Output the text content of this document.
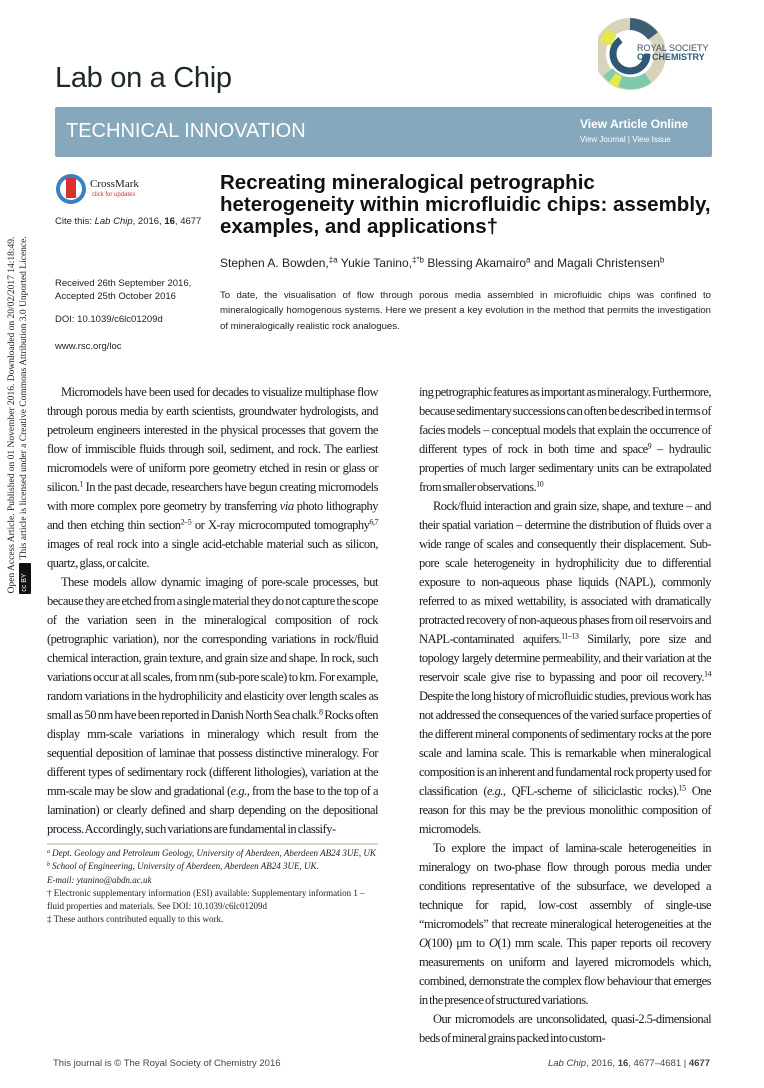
Lab on a Chip
ROYAL SOCIETY
OF CHEMISTRY
TECHNICAL INNOVATION	View Article Online
View Journal | View Issue
Open Access Article. Published on 01 November 2016. Downloaded on 20/02/2017 14:18:49. cc BYThis article is licensed under a Creative Commons Attribution 3.0 Unported Licence.
CrossMark
click for updates
Cite this: Lab Chip, 2016, 16, 4677
Received 26th September 2016,
Accepted 25th October 2016
DOI: 10.1039/c6lc01209d
www.rsc.org/loc
Recreating mineralogical petrographic heterogeneity within microfluidic chips: assembly, examples, and applications†
Stephen A. Bowden,$^{\ddagger a}$ Yukie Tanino,$^{\ddagger*b}$ Blessing Akamairo$^a$ and Magali Christensen$^b$
To date, the visualisation of flow through porous media assembled in microfluidic chips was confined to mineralogically homogenous systems. Here we present a key evolution in the method that permits the investigation of mineralogically realistic rock analogues.

Micromodels have been used for decades to visualize multiphase flow through porous media by earth scientists, groundwater hydrologists, and petroleum engineers interested in the physical processes that govern the flow of immiscible fluids through soil, sediment, and rock. The earliest micromodels were of uniform pore geometry etched in resin or glass or silicon.$^1$ In the past decade, researchers have begun creating micromodels with more complex pore geometry by transferring via photo lithography and then etching thin section$^{2-5}$ or X-ray microcomputed tomography$^{6,7}$ images of real rock into a single acid-etchable material such as silicon, quartz, glass, or calcite.

These models allow dynamic imaging of pore-scale processes, but because they are etched from a single material they do not capture the scope of the variation seen in the mineralogical composition of rock (petrographic variation), nor the corresponding variations in rock/fluid chemical interaction, grain texture, and grain size and shape. In rock, such variations occur at all scales, from nm (sub-pore scale) to km. For example, random variations in the hydrophilicity and elasticity over length scales as small as 50 nm have been reported in Danish North Sea chalk.$^8$ Rocks often display mm-scale variations in mineralogy which result from the sequential deposition of laminae that possess distinctive mineralogy. For different types of sedimentary rock (different lithologies), variation at the mm-scale may be slow and gradational (e.g., from the base to the top of a lamination) or clearly defined and sharp depending on the depositional process. Accordingly, such variations are fundamental in classify-

ing petrographic features as important as mineralogy. Furthermore, because sedimentary successions can often be described in terms of facies models – conceptual models that explain the occurrence of different types of rock in both time and space$^9$ – hydraulic properties of much larger sedimentary units can be extrapolated from smaller observations.$^{10}$

Rock/fluid interaction and grain size, shape, and texture – and their spatial variation – determine the distribution of fluids over a wide range of scales and consequently their displacement. Sub-pore scale heterogeneity in hydrophilicity due to differential exposure to non-aqueous phase liquids (NAPL), commonly referred to as mixed wettability, is associated with dramatically protracted recovery of non-aqueous phases from oil reservoirs and NAPL-contaminated aquifers.$^{11-13}$ Similarly, pore size and topology largely determine permeability, and their variation at the reservoir scale give rise to bypassing and poor oil recovery.$^{14}$ Despite the long history of microfluidic studies, previous work has not addressed the consequences of the varied surface properties of the different mineral components of sedimentary rocks at the pore scale and lamina scale. This is remarkable when mineralogical composition is an inherent and fundamental rock property used for classification (e.g., QFL-scheme of siliciclastic rocks).$^{15}$ One reason for this may be the previous monolithic composition of micromodels.

To explore the impact of lamina-scale heterogeneities in mineralogy on two-phase flow through porous media under conditions representative of the subsurface, we developed a technique for rapid, low-cost assembly of single-use “micromodels” that recreate mineralogical heterogeneities at the O(100) μm to O(1) mm scale. This paper reports oil recovery measurements on uniform and layered micromodels which, combined, demonstrate the complex flow behaviour that emerges in the presence of structured variations.

Our micromodels are unconsolidated, quasi-2.5-dimensional beds of mineral grains packed into custom-

$^a$ Dept. Geology and Petroleum Geology, University of Aberdeen, Aberdeen AB24 3UE, UK
$^b$ School of Engineering, University of Aberdeen, Aberdeen AB24 3UE, UK.
E-mail: ytanino@abdn.ac.uk
† Electronic supplementary information (ESI) available: Supplementary information 1 – fluid properties and materials. See DOI: 10.1039/c6lc01209d
‡ These authors contributed equally to this work.
This journal is © The Royal Society of Chemistry 2016	Lab Chip, 2016, 16, 4677–4681 | 4677
